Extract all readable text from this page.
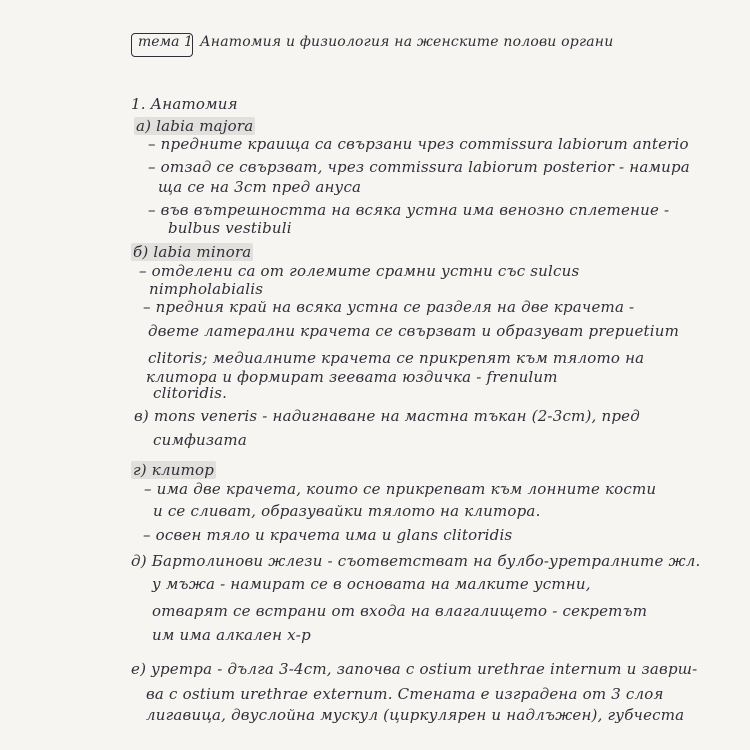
тема 1 Анатомия и физиология на женските полови органи
1. Анатомия
а) labia majora
– предните краища са свързани чрез commissura labiorum anterio
– отзад се свързват, чрез commissura labiorum posterior - намира
ща се на 3cm пред ануса
– във вътрешността на всяка устна има венозно сплетение -
bulbus vestibuli
б) labia minora
– отделени са от големите срамни устни със sulcus
nimpholabialis
– предния край на всяка устна се разделя на две крачета -
двете латерални крачета се свързват и образуват prepuetium
clitoris; медиалните крачета се прикрепят към тялото на
клитора и формират зеевата юздичка - frenulum
clitoridis.
в) mons veneris - надигнаване на мастна тъкан (2-3cm), пред
симфизата
г) клитор
– има две крачета, които се прикрепват към лонните кости
и се сливат, образувайки тялото на клитора.
– освен тяло и крачета има и glans clitoridis
д) Бартолинови жлези - съответстват на булбо-уретралните жл.
у мъжа - намират се в основата на малките устни,
отварят се встрани от входа на влагалището - секретът
им има алкален х-р
е) уретра - дълга 3-4cm, започва с ostium urethrae internum и заврш-
ва с ostium urethrae externum. Стената е изградена от 3 слоя
лигавица, двуслойна мускул (циркулярен и надлъжен), губчеста
